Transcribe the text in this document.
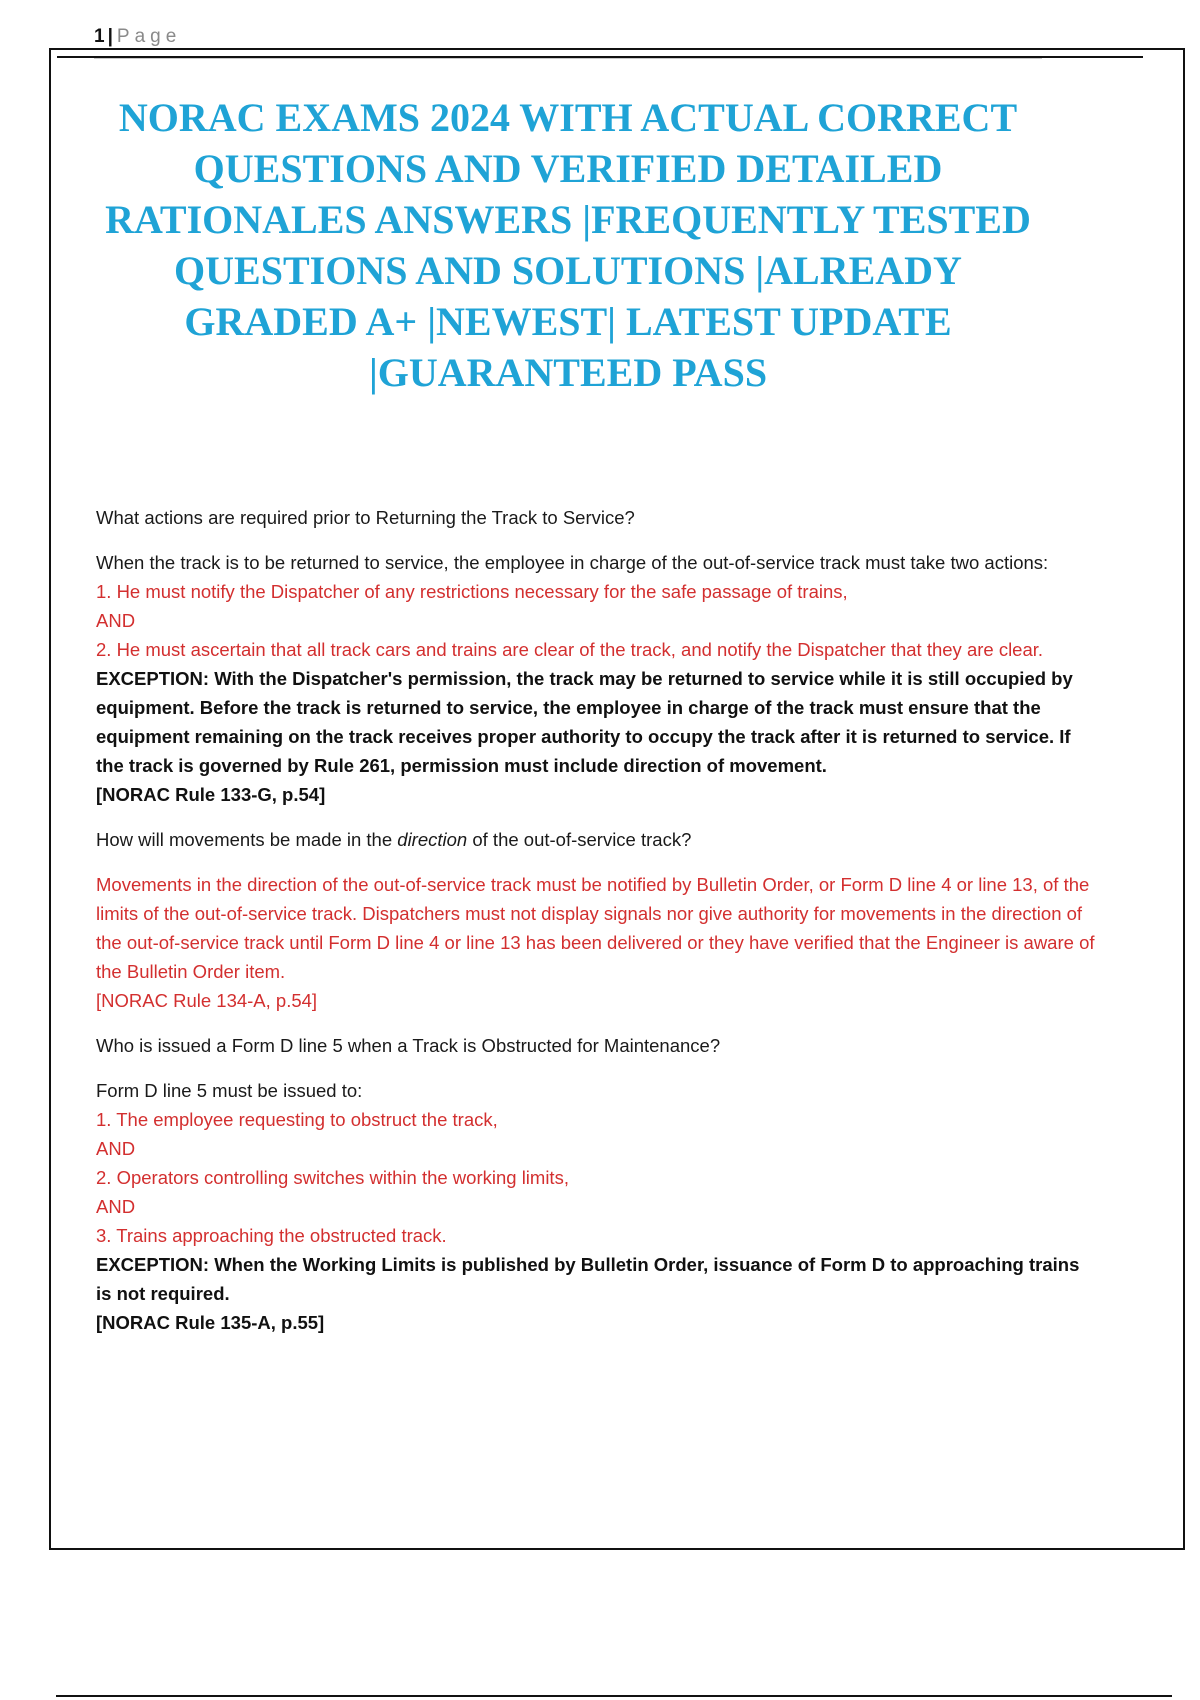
1 | Page
NORAC EXAMS 2024 WITH ACTUAL CORRECT QUESTIONS AND VERIFIED DETAILED RATIONALES ANSWERS |FREQUENTLY TESTED QUESTIONS AND SOLUTIONS |ALREADY GRADED A+ |NEWEST| LATEST UPDATE |GUARANTEED PASS

What actions are required prior to Returning the Track to Service?

When the track is to be returned to service, the employee in charge of the out-of-service track must take two actions:

1. He must notify the Dispatcher of any restrictions necessary for the safe passage of trains,

AND

2. He must ascertain that all track cars and trains are clear of the track, and notify the Dispatcher that they are clear.

EXCEPTION: With the Dispatcher's permission, the track may be returned to service while it is still occupied by equipment. Before the track is returned to service, the employee in charge of the track must ensure that the equipment remaining on the track receives proper authority to occupy the track after it is returned to service. If the track is governed by Rule 261, permission must include direction of movement.

[NORAC Rule 133-G, p.54]

How will movements be made in the direction of the out-of-service track?

Movements in the direction of the out-of-service track must be notified by Bulletin Order, or Form D line 4 or line 13, of the limits of the out-of-service track. Dispatchers must not display signals nor give authority for movements in the direction of the out-of-service track until Form D line 4 or line 13 has been delivered or they have verified that the Engineer is aware of the Bulletin Order item.

[NORAC Rule 134-A, p.54]

Who is issued a Form D line 5 when a Track is Obstructed for Maintenance?

Form D line 5 must be issued to:

1. The employee requesting to obstruct the track,

AND

2. Operators controlling switches within the working limits,

AND

3. Trains approaching the obstructed track.

EXCEPTION: When the Working Limits is published by Bulletin Order, issuance of Form D to approaching trains is not required.

[NORAC Rule 135-A, p.55]
